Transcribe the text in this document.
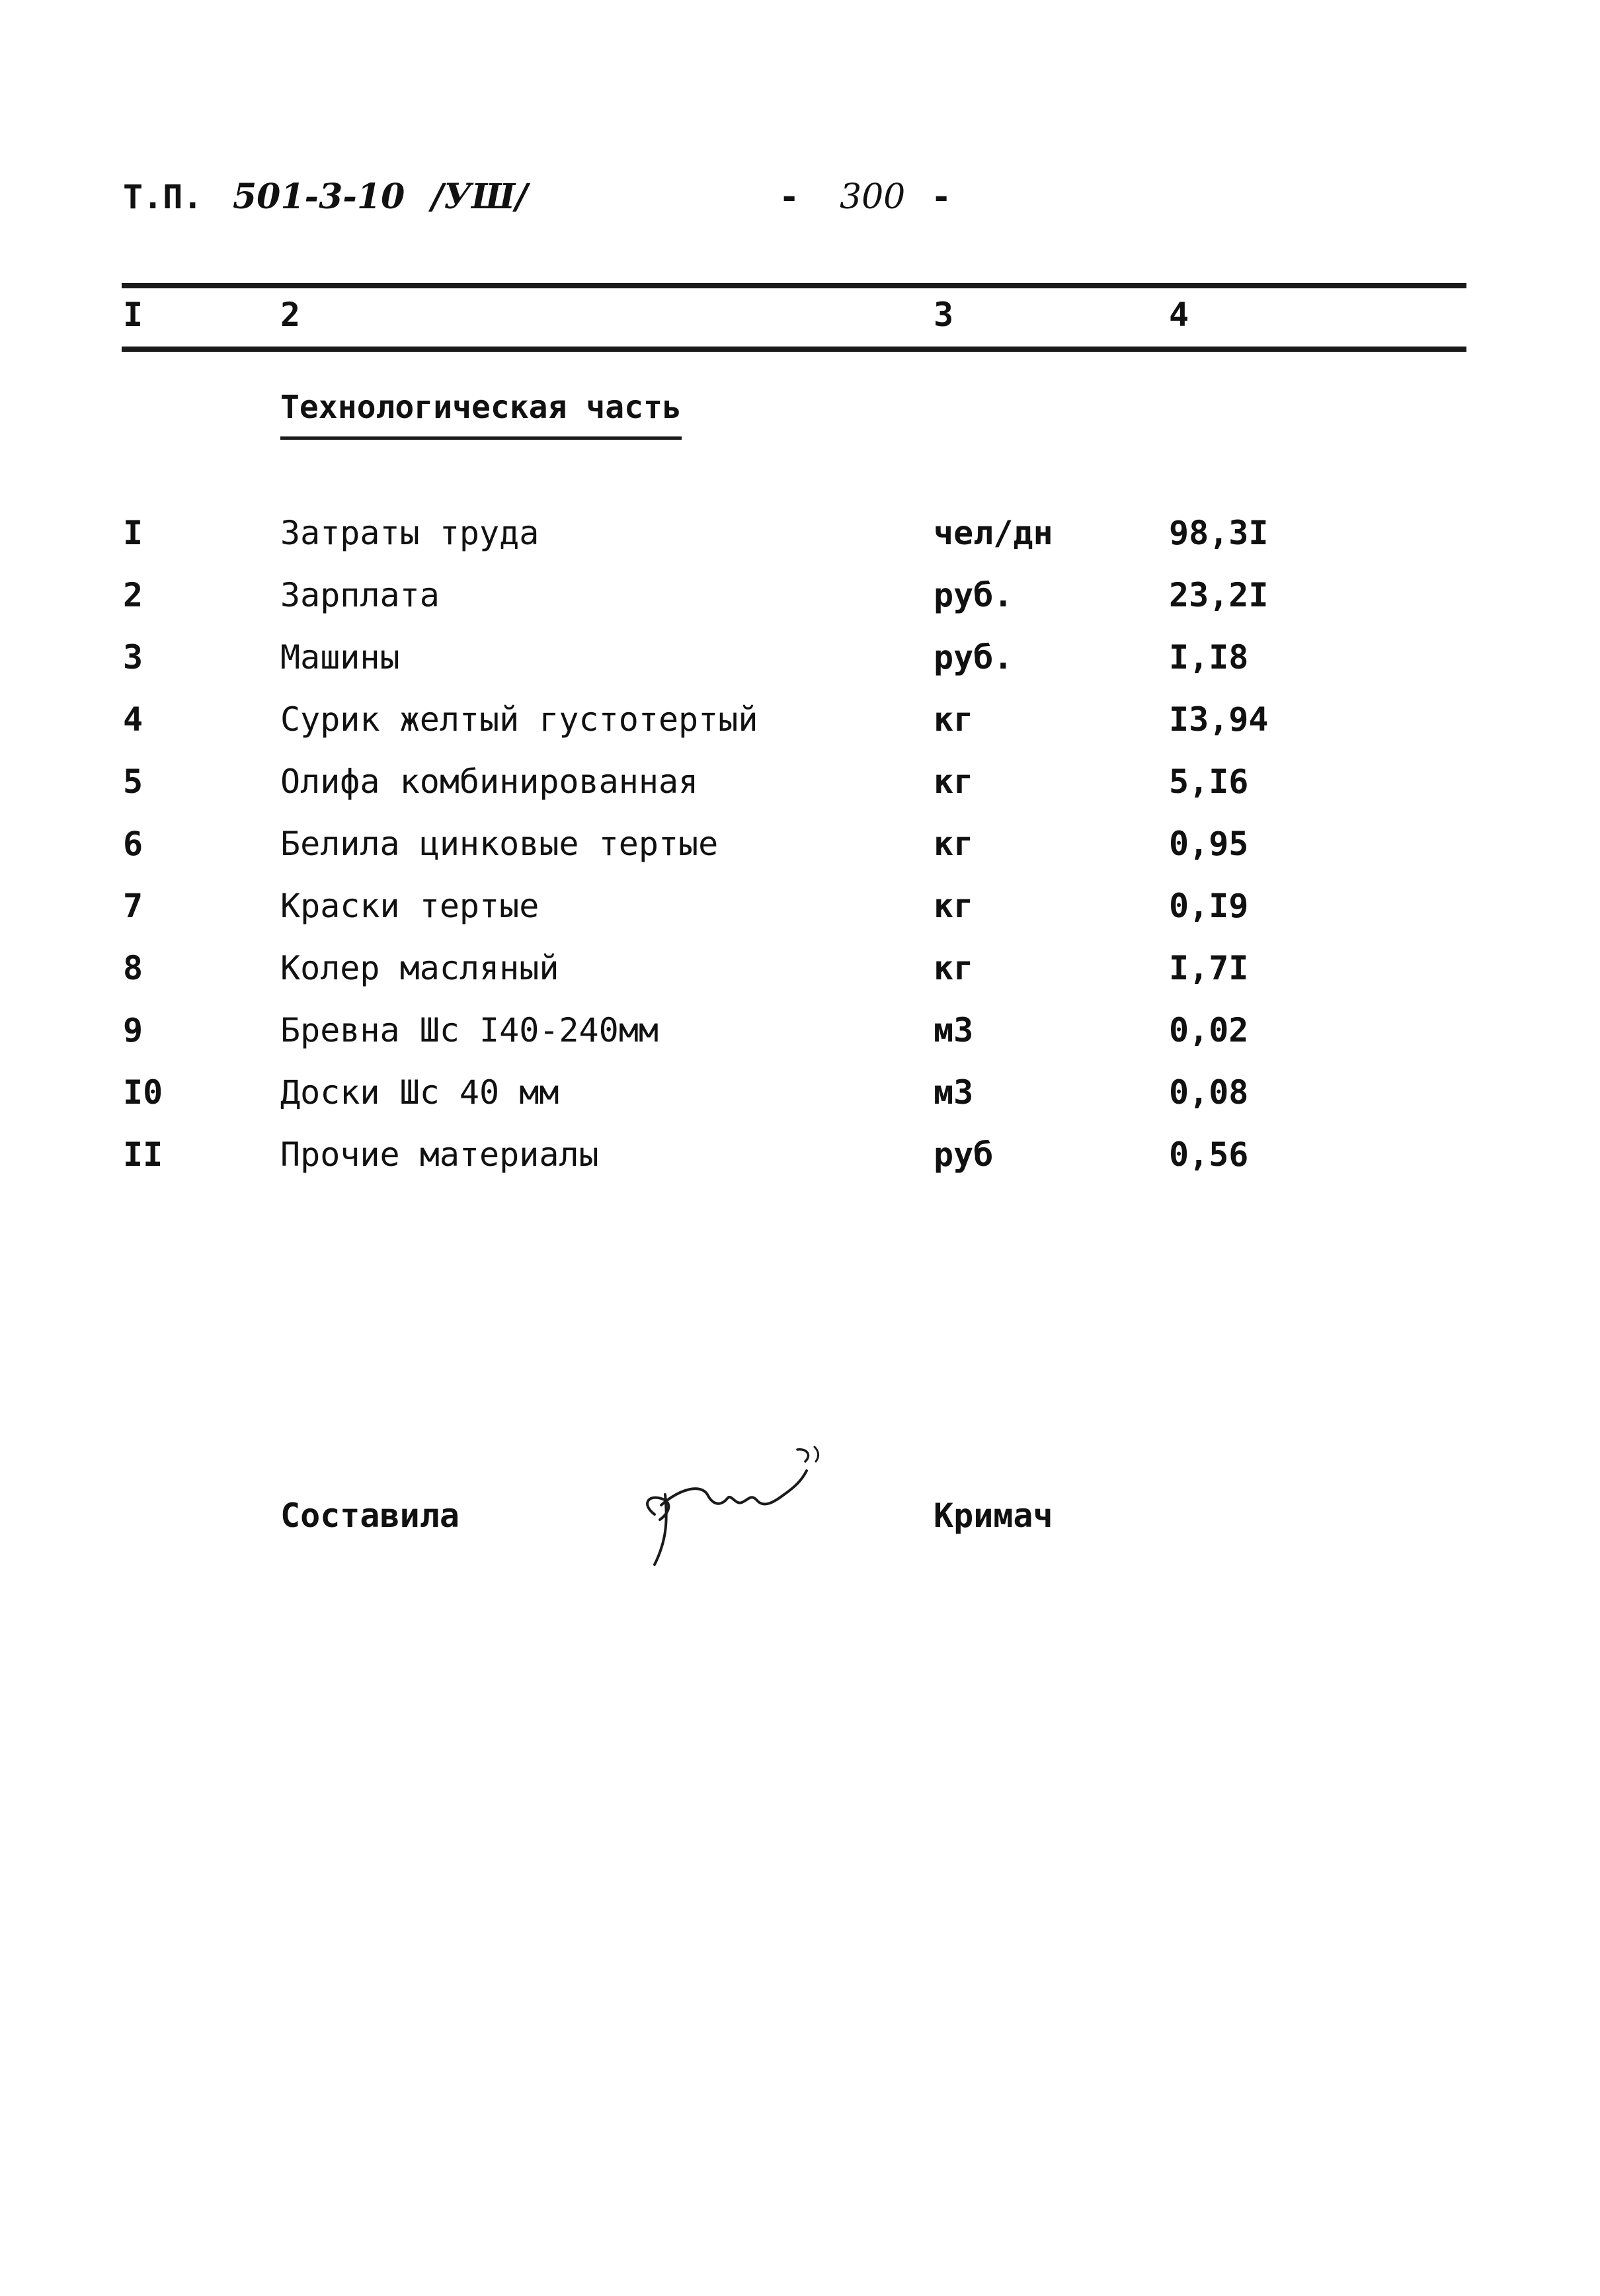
Т.П. 501-3-10 /УШ/	- 300 -
I	2	3	4
Технологическая часть
I	Затраты труда	чел/дн	98,3I
2	Зарплата	руб.	23,2I
3	Машины	руб.	I,I8
4	Сурик желтый густотертый	кг	I3,94
5	Олифа комбинированная	кг	5,I6
6	Белила цинковые тертые	кг	0,95
7	Краски тертые	кг	0,I9
8	Колер масляный	кг	I,7I
9	Бревна Шс I40-240мм	м3	0,02
I0	Доски Шс 40 мм	м3	0,08
II	Прочие материалы	руб	0,56
Составила	Кримач
